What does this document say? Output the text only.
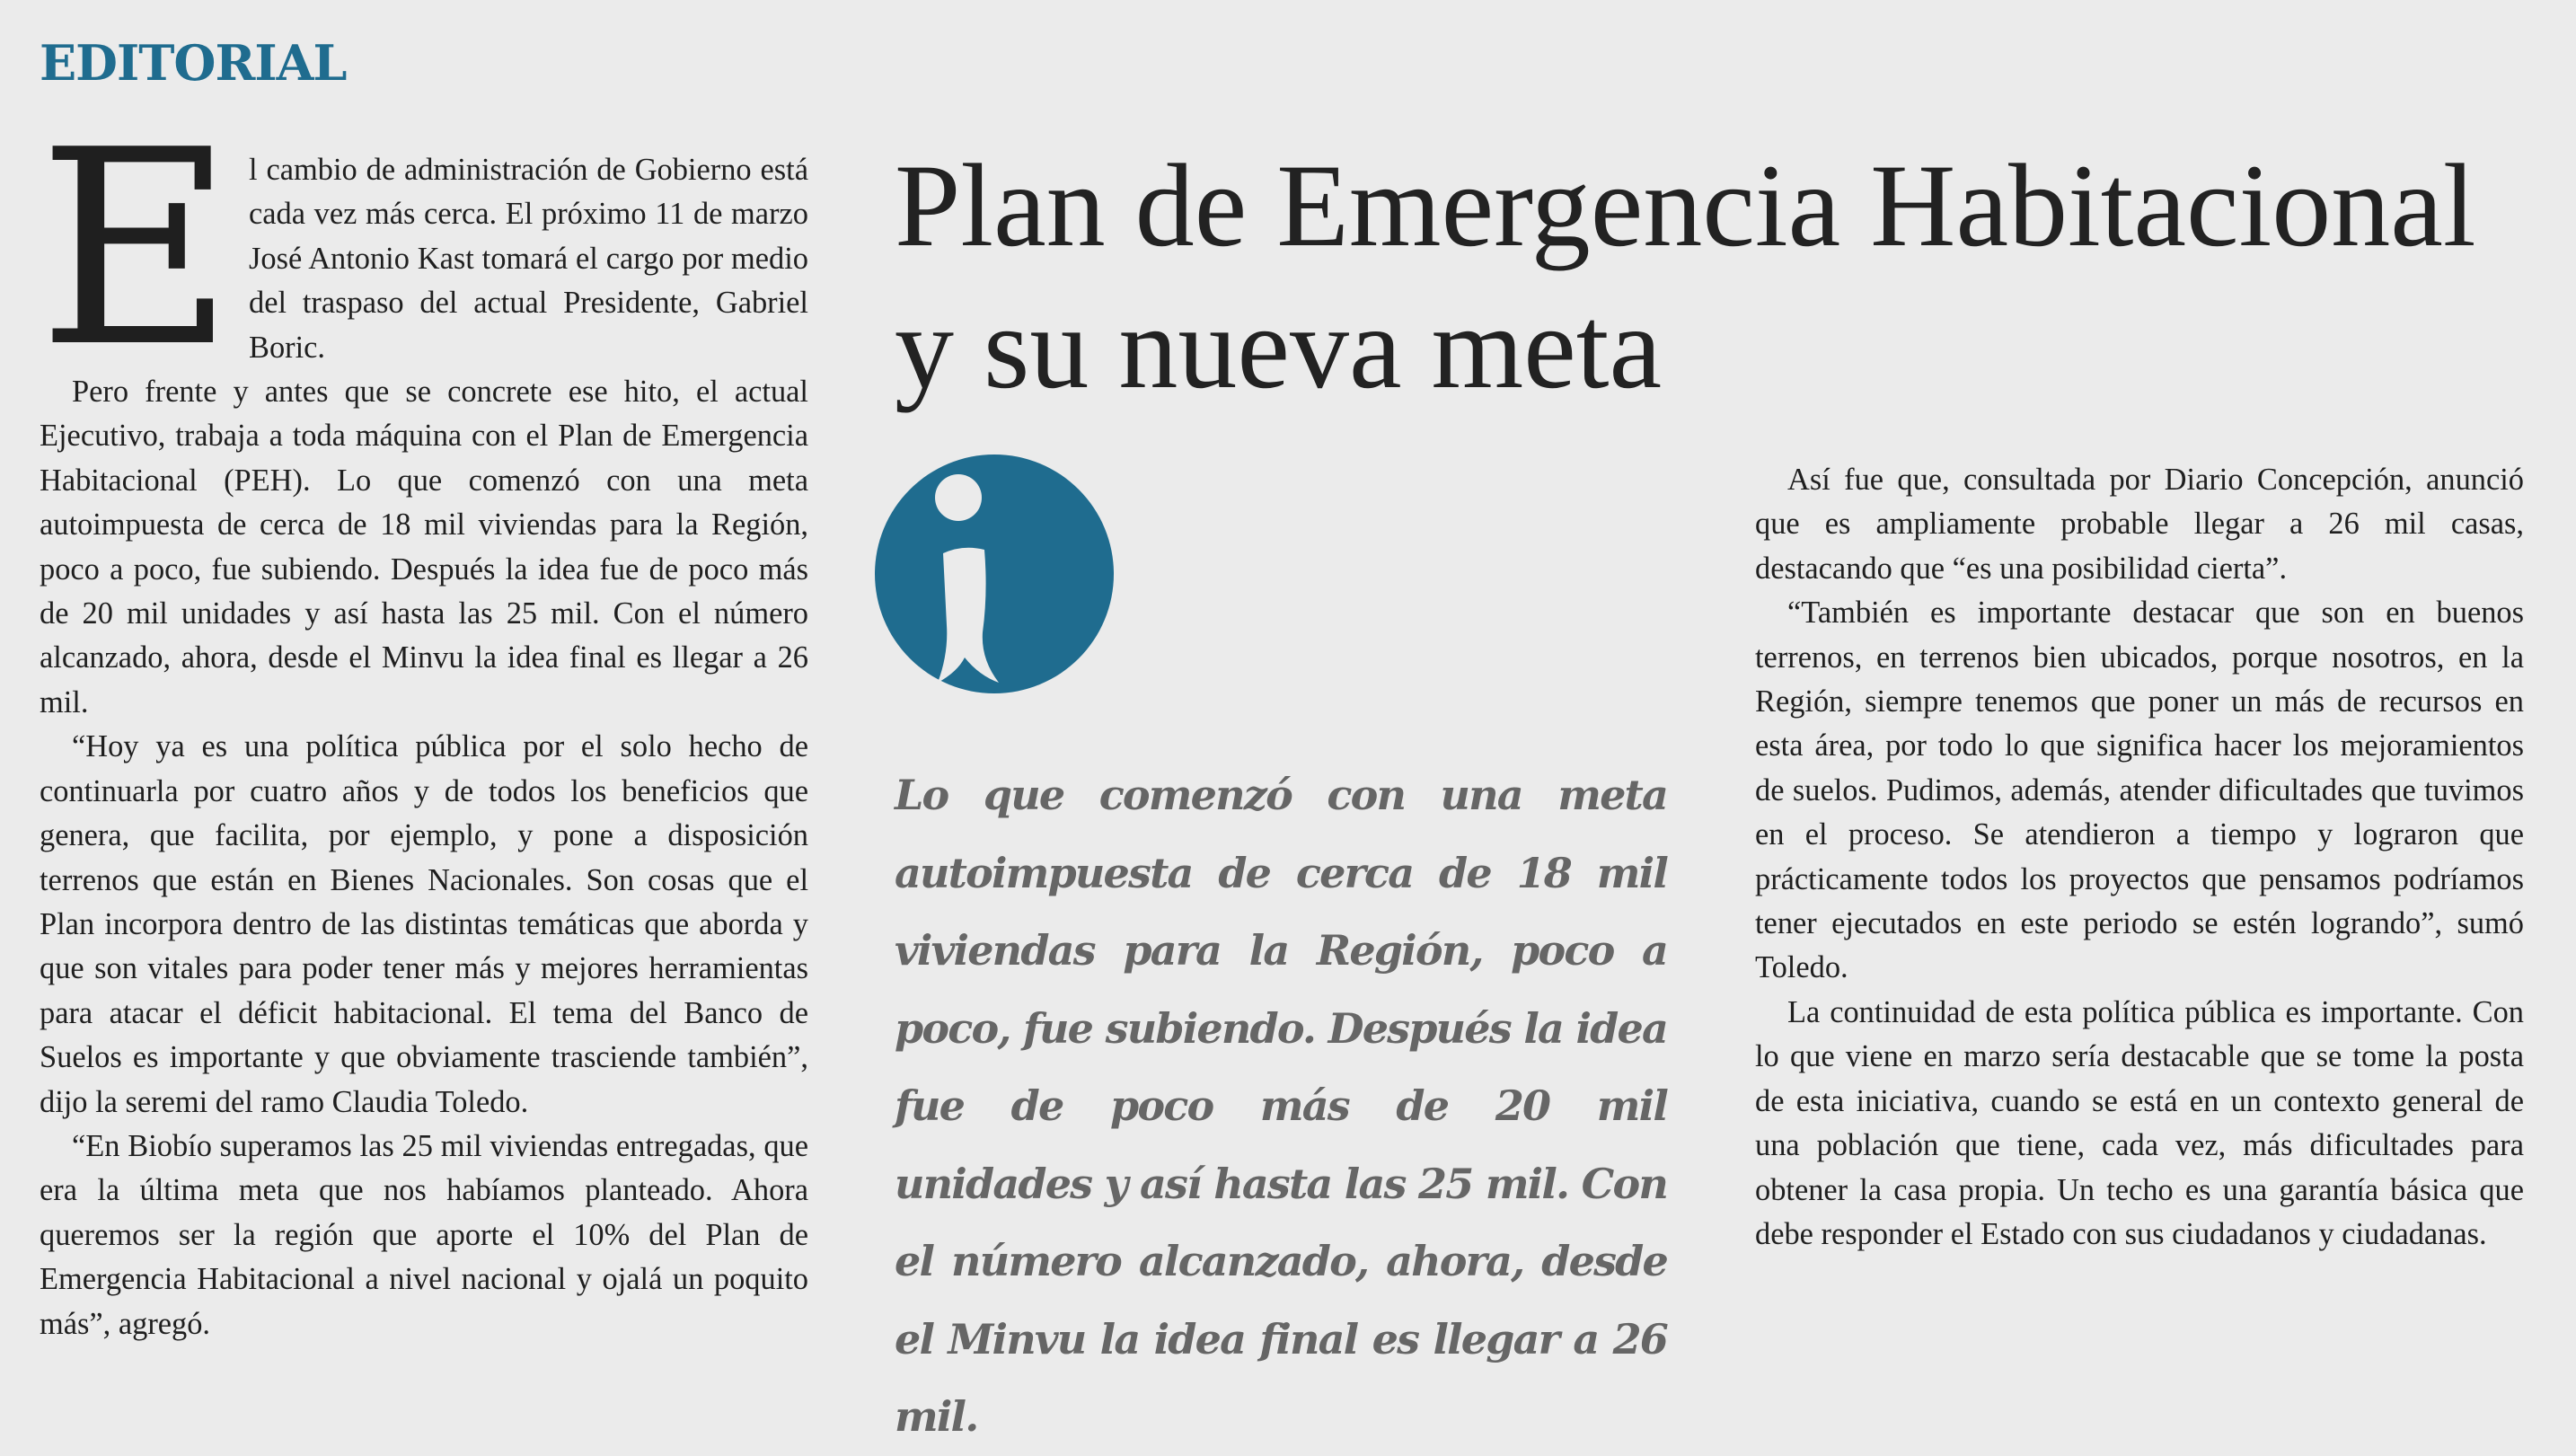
EDITORIAL

El cambio de administración de Gobierno está cada vez más cerca. El próximo 11 de marzo José Antonio Kast tomará el cargo por medio del traspaso del actual Presidente, Gabriel Boric.

Pero frente y antes que se concrete ese hito, el actual Ejecutivo, trabaja a toda máquina con el Plan de Emergencia Habitacional (PEH). Lo que comenzó con una meta autoimpuesta de cerca de 18 mil viviendas para la Región, poco a poco, fue subiendo. Después la idea fue de poco más de 20 mil unidades y así hasta las 25 mil. Con el número alcanzado, ahora, desde el Minvu la idea final es llegar a 26 mil.

“Hoy ya es una política pública por el solo hecho de continuarla por cuatro años y de todos los beneficios que genera, que facilita, por ejemplo, y pone a disposición terrenos que están en Bienes Nacionales. Son cosas que el Plan incorpora dentro de las distintas temáticas que aborda y que son vitales para poder tener más y mejores herramientas para atacar el déficit habitacional. El tema del Banco de Suelos es importante y que obviamente trasciende también”, dijo la seremi del ramo Claudia Toledo.

“En Biobío superamos las 25 mil viviendas entregadas, que era la última meta que nos habíamos planteado. Ahora queremos ser la región que aporte el 10% del Plan de Emergencia Habitacional a nivel nacional y ojalá un poquito más”, agregó.

Plan de Emergencia Habitacional y su nueva meta

Lo que comenzó con una meta autoimpuesta de cerca de 18 mil viviendas para la Región, poco a poco, fue subiendo. Después la idea fue de poco más de 20 mil unidades y así hasta las 25 mil. Con el número alcanzado, ahora, desde el Minvu la idea final es llegar a 26 mil.

Así fue que, consultada por Diario Concepción, anunció que es ampliamente probable llegar a 26 mil casas, destacando que “es una posibilidad cierta”.

“También es importante destacar que son en buenos terrenos, en terrenos bien ubicados, porque nosotros, en la Región, siempre tenemos que poner un más de recursos en esta área, por todo lo que significa hacer los mejoramientos de suelos. Pudimos, además, atender dificultades que tuvimos en el proceso. Se atendieron a tiempo y lograron que prácticamente todos los proyectos que pensamos podríamos tener ejecutados en este periodo se estén logrando”, sumó Toledo.

La continuidad de esta política pública es importante. Con lo que viene en marzo sería destacable que se tome la posta de esta iniciativa, cuando se está en un contexto general de una población que tiene, cada vez, más dificultades para obtener la casa propia. Un techo es una garantía básica que debe responder el Estado con sus ciudadanos y ciudadanas.
